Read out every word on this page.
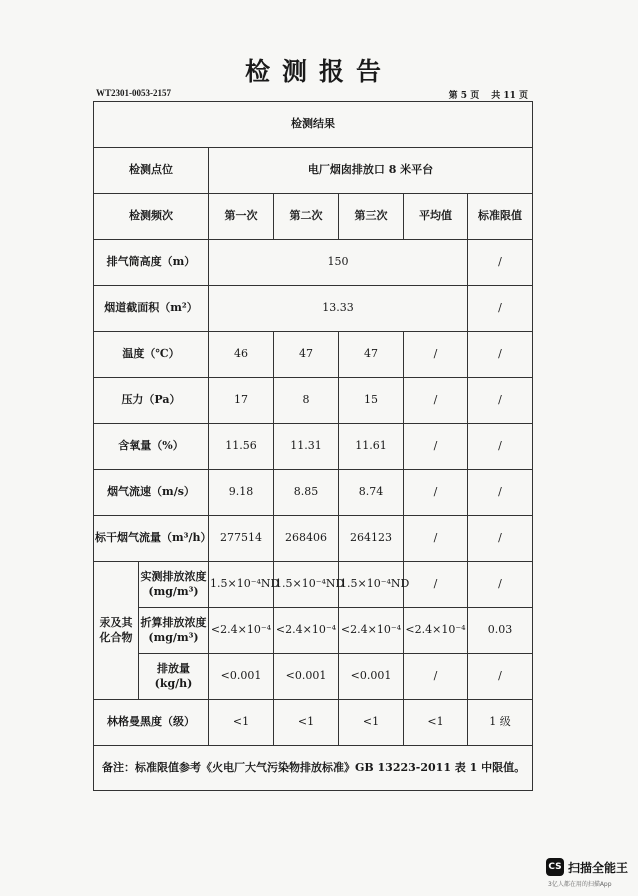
检测报告
WT2301-0053-2157	第 5 页 共 11 页
检测结果						
检测点位		电厂烟囱排放口 8 米平台				
检测频次		第一次	第二次	第三次	平均值	标准限值
排气筒高度（m）		150				/
烟道截面积（m²）		13.33				/
温度（℃）		46	47	47	/	/
压力（Pa）		17	8	15	/	/
含氧量（%）		11.56	11.31	11.61	/	/
烟气流速（m/s）		9.18	8.85	8.74	/	/
标干烟气流量（m³/h）		277514	268406	264123	/	/
汞及其化合物	实测排放浓度(mg/m³)	1.5×10⁻⁴ND	1.5×10⁻⁴ND	1.5×10⁻⁴ND	/	/
	折算排放浓度(mg/m³)	<2.4×10⁻⁴	<2.4×10⁻⁴	<2.4×10⁻⁴	<2.4×10⁻⁴	0.03
	排放量(kg/h)	<0.001	<0.001	<0.001	/	/
林格曼黑度（级）		<1	<1	<1	<1	1 级
备注：标准限值参考《火电厂大气污染物排放标准》GB 13223-2011 表 1 中限值。						
CS 扫描全能王
3亿人都在用的扫描App
